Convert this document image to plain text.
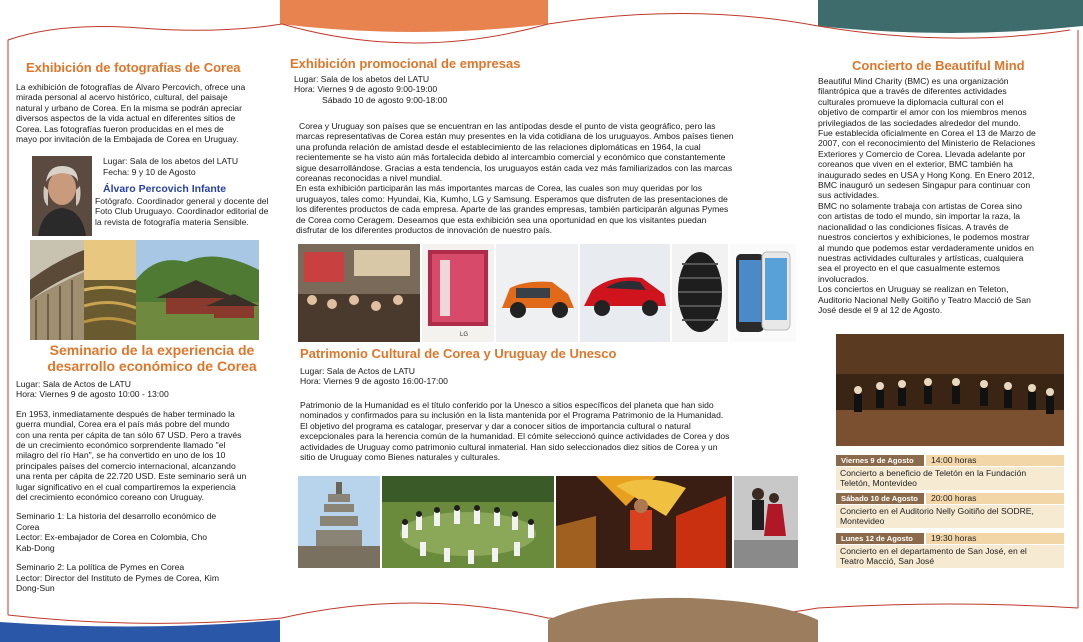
Exhibición de fotografías de Corea

La exhibición de fotografías de Álvaro Percovich, ofrece una

mirada personal al acervo histórico, cultural, del paisaje

natural y urbano de Corea. En la misma se podrán apreciar

diversos aspectos de la vida actual en diferentes sitios de

Corea. Las fotografías fueron producidas en el mes de

mayo por invitación de la Embajada de Corea en Uruguay.

Lugar: Sala de los abetos del LATU

Fecha: 9 y 10 de Agosto

Álvaro Percovich Infante

Fotógrafo. Coordinador general y docente del

Foto Club Uruguayo. Coordinador editorial de

la revista de fotografía materia Sensible.

Seminario de la experiencia de
desarrollo económico de Corea

Lugar: Sala de Actos de LATU

Hora: Viernes 9 de agosto 10:00 - 13:00

En 1953, inmediatamente después de haber terminado la

guerra mundial, Corea era el país más pobre del mundo

con una renta per cápita de tan sólo 67 USD. Pero a través

de un crecimiento económico sorprendente llamado "el

milagro del río Han", se ha convertido en uno de los 10

principales países del comercio internacional, alcanzando

una renta per cápita de 22.720 USD. Este seminario será un

lugar significativo en el cual compartiremos la experiencia

del crecimiento económico coreano con Uruguay.

Seminario 1: La historia del desarrollo económico de

Corea

Lector: Ex-embajador de Corea en Colombia, Cho

Kab-Dong

Seminario 2: La política de Pymes en Corea

Lector: Director del Instituto de Pymes de Corea, Kim

Dong-Sun

Exhibición promocional de empresas

Lugar: Sala de los abetos del LATU

Hora: Viernes 9 de agosto 9:00-19:00

Sábado 10 de agosto 9:00-18:00

Corea y Uruguay son países que se encuentran en las antípodas desde el punto de vista geográfico, pero las

marcas representativas de Corea están muy presentes en la vida cotidiana de los uruguayos. Ambos países tienen

una profunda relación de amistad desde el establecimiento de las relaciones diplomáticas en 1964, la cual

recientemente se ha visto aún más fortalecida debido al intercambio comercial y económico que constantemente

sigue desarrollándose. Gracias a esta tendencia, los uruguayos están cada vez más familiarizados con las marcas

coreanas reconocidas a nivel mundial.

En esta exhibición participarán las más importantes marcas de Corea, las cuales son muy queridas por los

uruguayos, tales como: Hyundai, Kia, Kumho, LG y Samsung. Esperamos que disfruten de las presentaciones de

los diferentes productos de cada empresa. Aparte de las grandes empresas, también participarán algunas Pymes

de Corea como Ceragem. Deseamos que esta exhibición sea una oportunidad en que los visitantes puedan

disfrutar de los diferentes productos de innovación de nuestro país.

LG
Patrimonio Cultural de Corea y Uruguay de Unesco

Lugar: Sala de Actos de LATU

Hora: Viernes 9 de agosto 16:00-17:00

Patrimonio de la Humanidad es el título conferido por la Unesco a sitios específicos del planeta que han sido

nominados y confirmados para su inclusión en la lista mantenida por el Programa Patrimonio de la Humanidad.

El objetivo del programa es catalogar, preservar y dar a conocer sitios de importancia cultural o natural

excepcionales para la herencia común de la humanidad. El cómite seleccionó quince actividades de Corea y dos

actividades de Uruguay como patrimonio cultural inmaterial. Han sido seleccionados diez sitios de Corea y un

sitio de Uruguay como Bienes naturales y culturales.

Concierto de Beautiful Mind

Beautiful Mind Charity (BMC) es una organización

filantrópica que a través de diferentes actividades

culturales promueve la diplomacia cultural con el

objetivo de compartir el amor con los miembros menos

privilegiados de las sociedades alrededor del mundo.

Fue establecida oficialmente en Corea el 13 de Marzo de

2007, con el reconocimiento del Ministerio de Relaciones

Exteriores y Comercio de Corea. Llevada adelante por

coreanos que viven en el exterior, BMC también ha

inaugurado sedes en USA y Hong Kong. En Enero 2012,

BMC inauguró un sedesen Singapur para continuar con

sus actividades.

BMC no solamente trabaja con artistas de Corea sino

con artistas de todo el mundo, sin importar la raza, la

nacionalidad o las condiciones físicas. A través de

nuestros conciertos y exhibiciones, le podemos mostrar

al mundo que podemos estar verdaderamente unidos en

nuestras actividades culturales y artísticas, cualquiera

sea el proyecto en el que casualmente estemos

involucrados.

Los conciertos en Uruguay se realizan en Teleton,

Auditorio Nacional Nelly Goitiño y Teatro Macció de San

José desde el 9 al 12 de Agosto.

Viernes 9 de Agosto	14:00 horas

Concierto a beneficio de Teletón en la Fundación

Teletón, Montevideo

Sábado 10 de Agosto	20:00 horas

Concierto en el Auditorio Nelly Goitiño del SODRE,

Montevideo

Lunes 12 de Agosto	19:30 horas

Concierto en el departamento de San José, en el

Teatro Macció, San José
